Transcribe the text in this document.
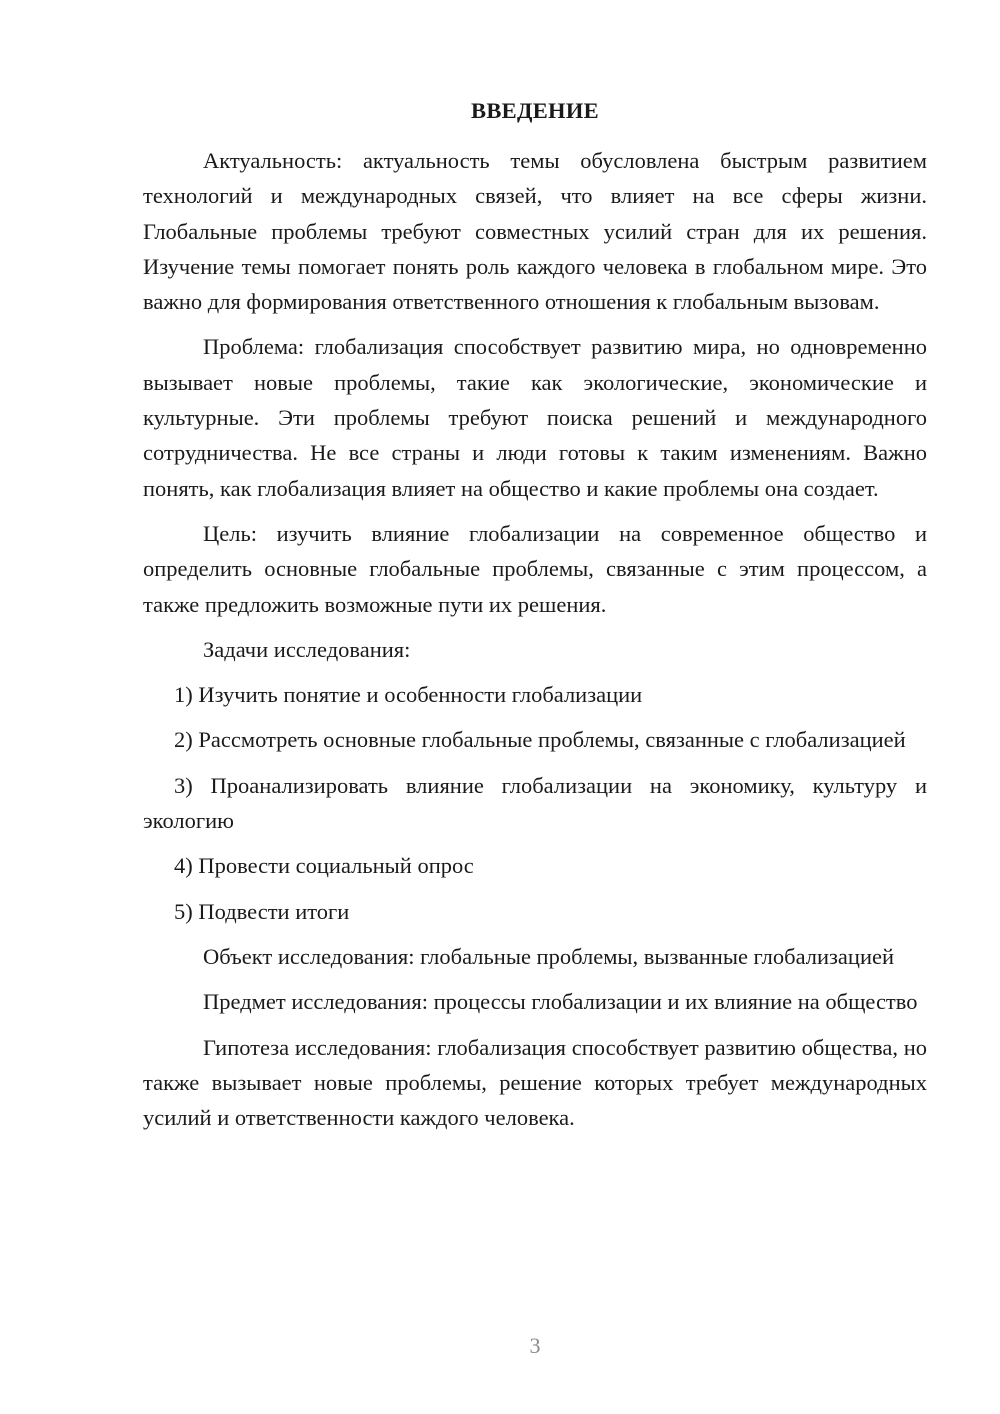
ВВЕДЕНИЕ

Актуальность: актуальность темы обусловлена быстрым развитием технологий и международных связей, что влияет на все сферы жизни. Глобальные проблемы требуют совместных усилий стран для их решения. Изучение темы помогает понять роль каждого человека в глобальном мире. Это важно для формирования ответственного отношения к глобальным вызовам.

Проблема: глобализация способствует развитию мира, но одновременно вызывает новые проблемы, такие как экологические, экономические и культурные. Эти проблемы требуют поиска решений и международного сотрудничества. Не все страны и люди готовы к таким изменениям. Важно понять, как глобализация влияет на общество и какие проблемы она создает.

Цель: изучить влияние глобализации на современное общество и определить основные глобальные проблемы, связанные с этим процессом, а также предложить возможные пути их решения.

Задачи исследования:

1) Изучить понятие и особенности глобализации

2) Рассмотреть основные глобальные проблемы, связанные с глобализацией

3) Проанализировать влияние глобализации на экономику, культуру и экологию

4) Провести социальный опрос

5) Подвести итоги

Объект исследования: глобальные проблемы, вызванные глобализацией

Предмет исследования: процессы глобализации и их влияние на общество

Гипотеза исследования: глобализация способствует развитию общества, но также вызывает новые проблемы, решение которых требует международных усилий и ответственности каждого человека.

3
